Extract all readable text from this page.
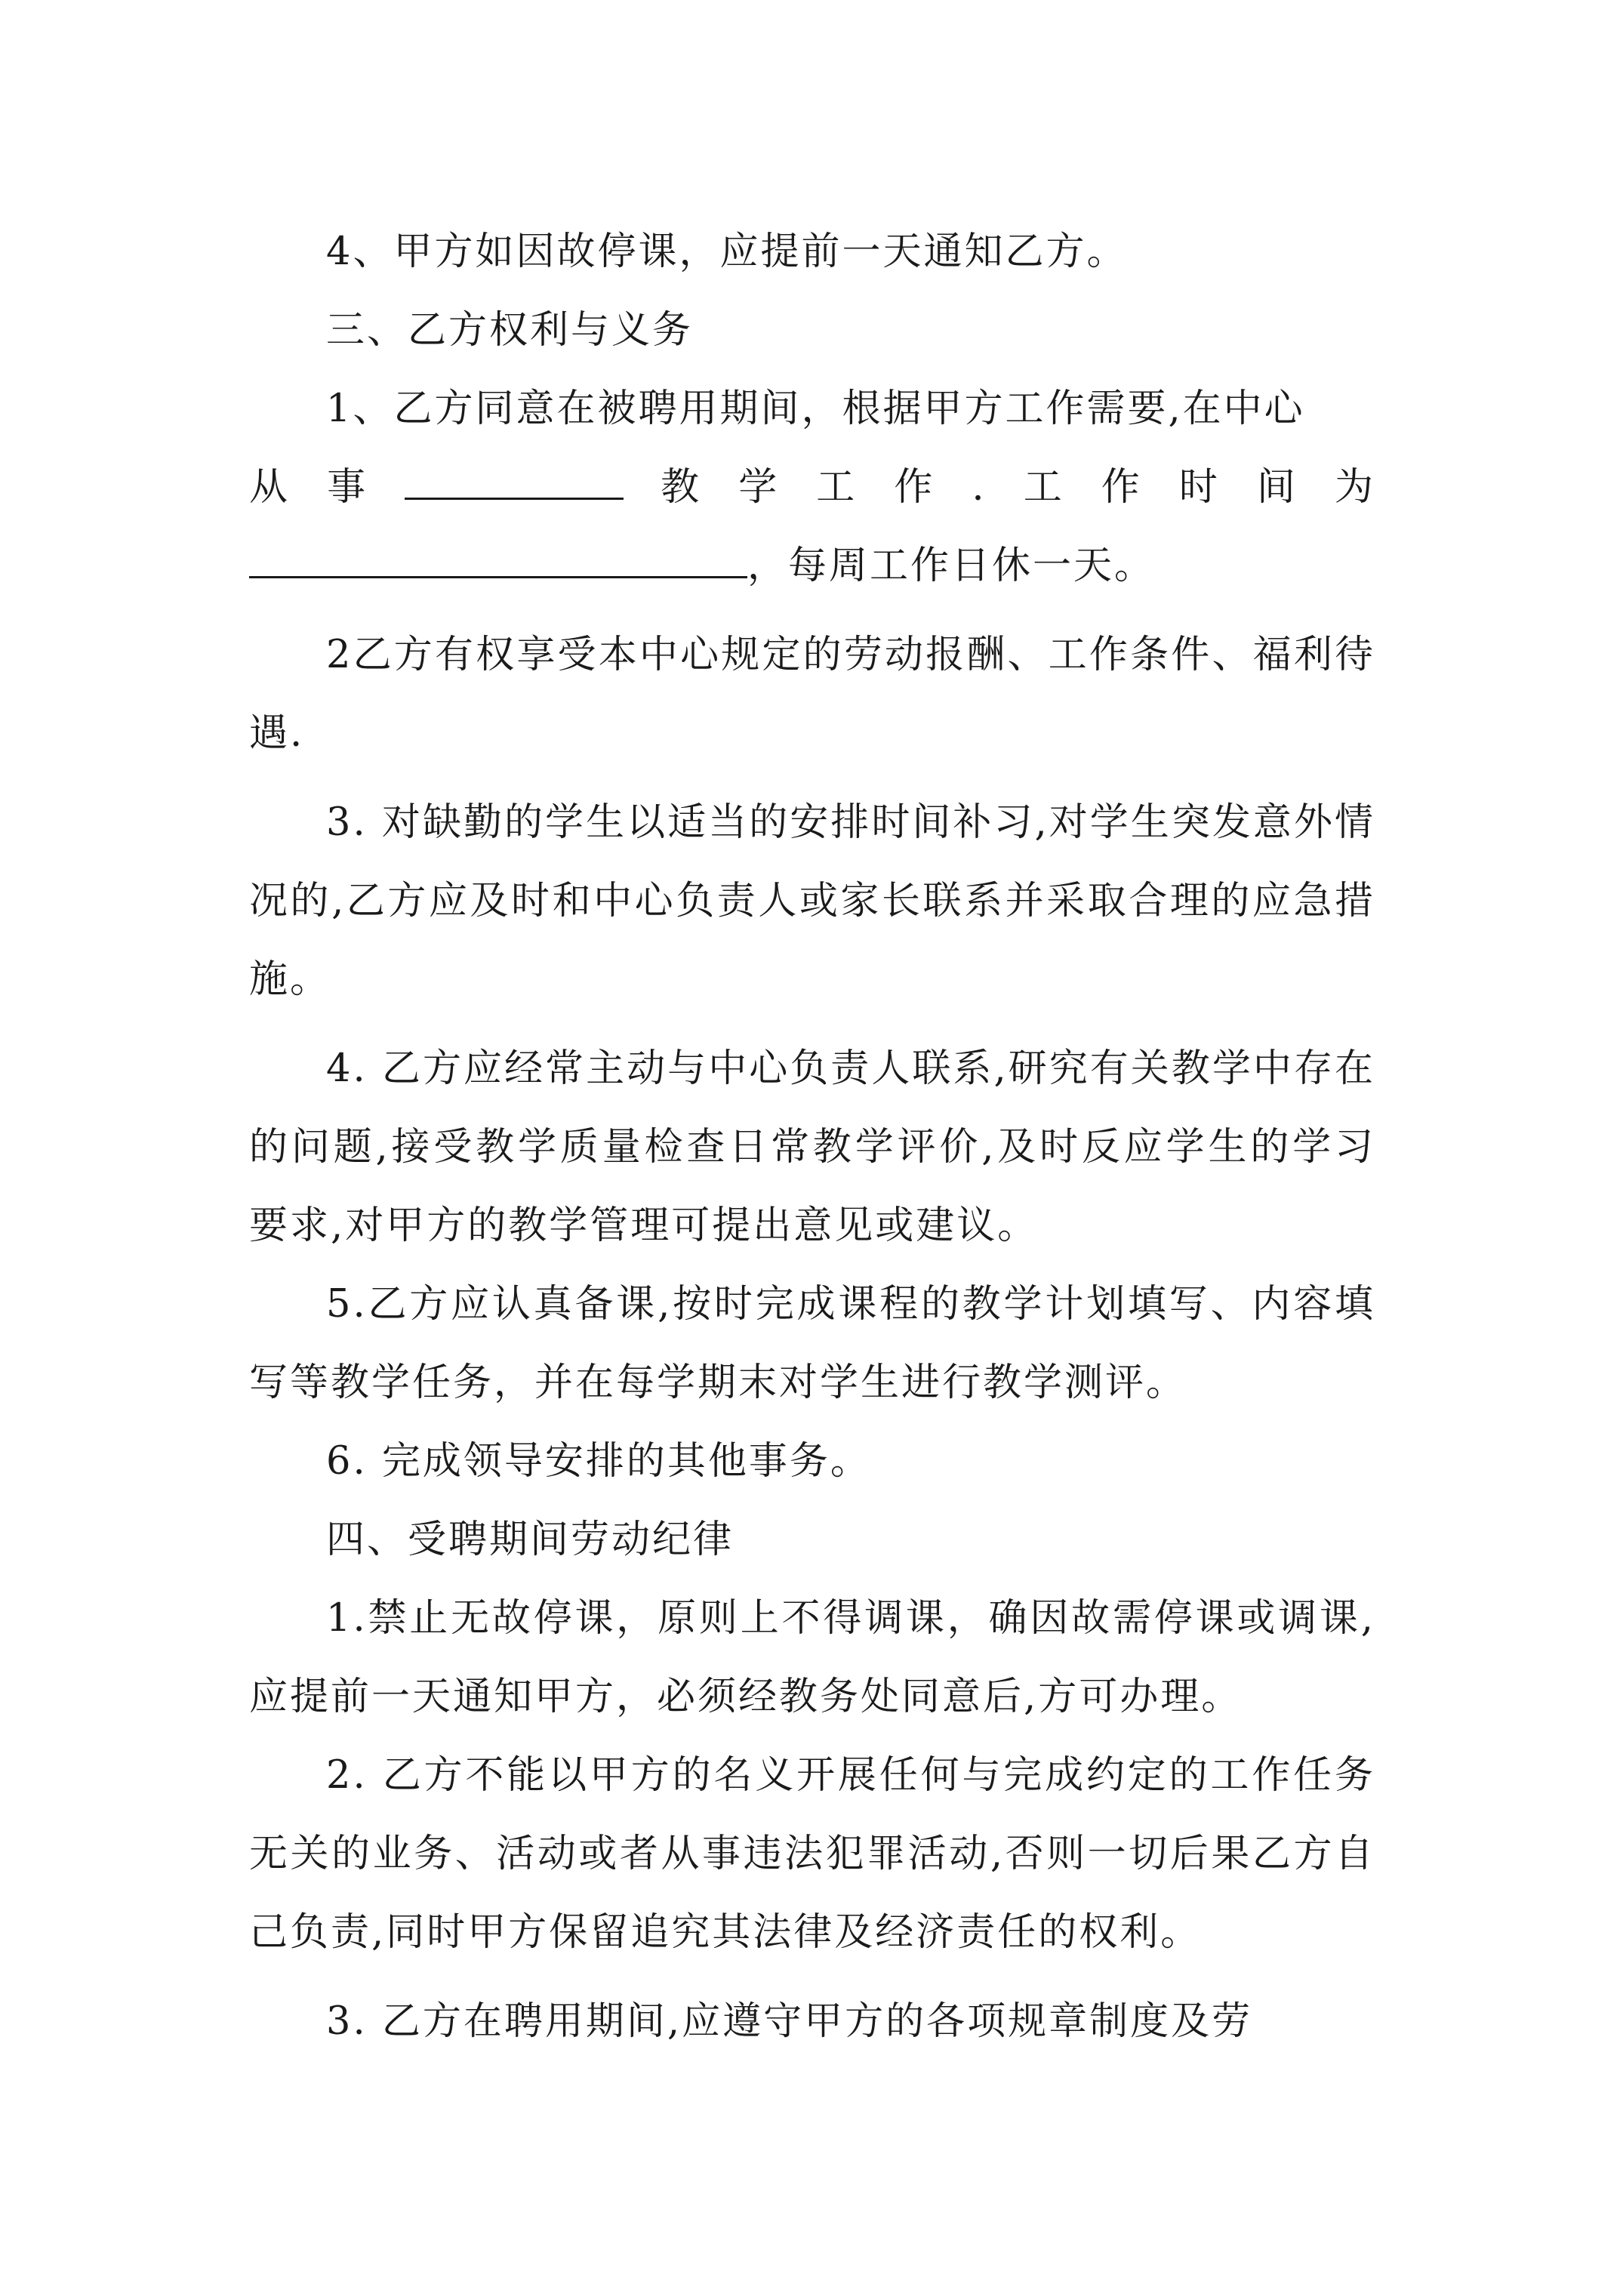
4、甲方如因故停课，应提前一天通知乙方。

三、乙方权利与义务

1、乙方同意在被聘用期间，根据甲方工作需要,在中心

从 事	教 学 工 作 . 工 作 时 间 为

，每周工作日休一天。

2乙方有权享受本中心规定的劳动报酬、工作条件、福利待遇.

3. 对缺勤的学生以适当的安排时间补习,对学生突发意外情况的,乙方应及时和中心负责人或家长联系并采取合理的应急措施。

4. 乙方应经常主动与中心负责人联系,研究有关教学中存在的问题,接受教学质量检查日常教学评价,及时反应学生的学习要求,对甲方的教学管理可提出意见或建议。

5.乙方应认真备课,按时完成课程的教学计划填写、内容填写等教学任务，并在每学期末对学生进行教学测评。

6. 完成领导安排的其他事务。

四、受聘期间劳动纪律

1.禁止无故停课，原则上不得调课，确因故需停课或调课,应提前一天通知甲方，必须经教务处同意后,方可办理。

2. 乙方不能以甲方的名义开展任何与完成约定的工作任务无关的业务、活动或者从事违法犯罪活动,否则一切后果乙方自己负责,同时甲方保留追究其法律及经济责任的权利。

3. 乙方在聘用期间,应遵守甲方的各项规章制度及劳
